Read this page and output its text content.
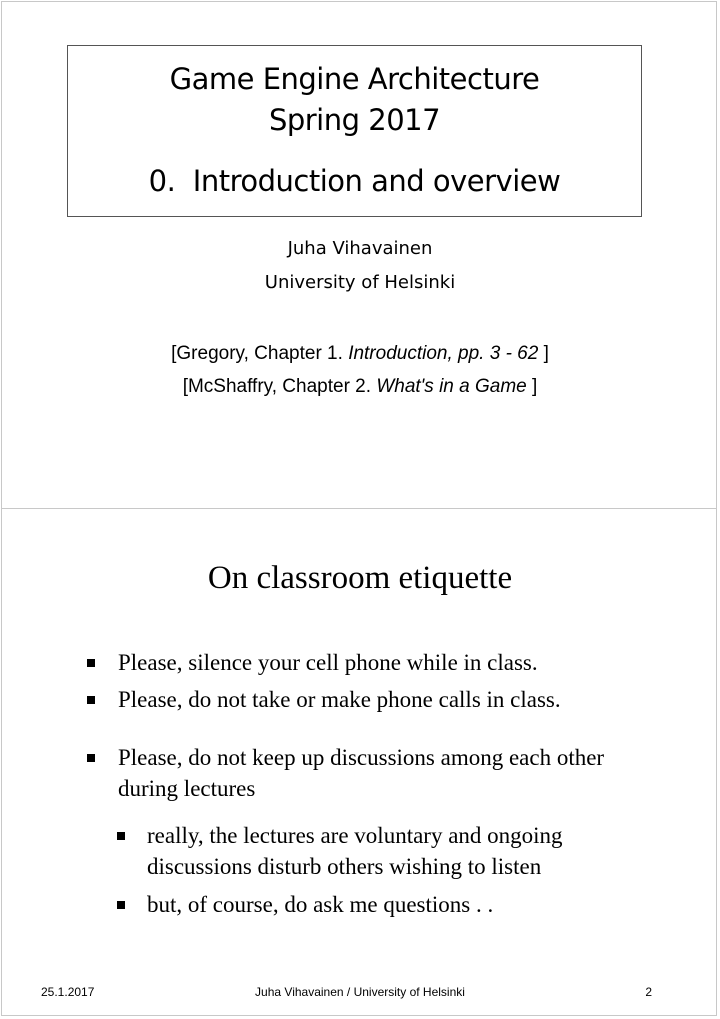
Game Engine Architecture
Spring 2017
0.  Introduction and overview
Juha Vihavainen
University of Helsinki
[Gregory, Chapter 1. Introduction, pp. 3 - 62 ]
[McShaffry, Chapter 2. What's in a Game ]
On classroom etiquette
Please, silence your cell phone while in class.
Please, do not take or make phone calls in class.
Please, do not keep up discussions among each other during lectures
really, the lectures are voluntary and ongoing discussions disturb others wishing to listen
but, of course, do ask me questions . .
25.1.2017	Juha Vihavainen / University of Helsinki	2
